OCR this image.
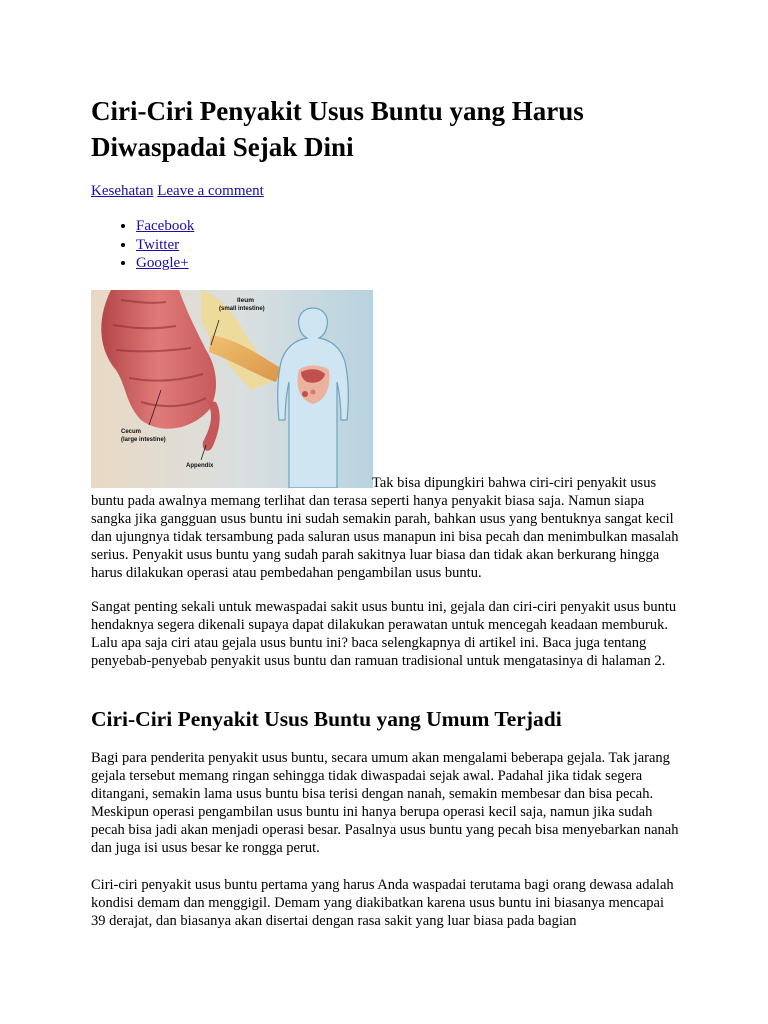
Ciri-Ciri Penyakit Usus Buntu yang Harus Diwaspadai Sejak Dini
Kesehatan Leave a comment
• Facebook
• Twitter
• Google+
Ileum
(small intestine)
Cecum
(large intestine)
Appendix

Tak bisa dipungkiri bahwa ciri-ciri penyakit usus buntu pada awalnya memang terlihat dan terasa seperti hanya penyakit biasa saja. Namun siapa sangka jika gangguan usus buntu ini sudah semakin parah, bahkan usus yang bentuknya sangat kecil dan ujungnya tidak tersambung pada saluran usus manapun ini bisa pecah dan menimbulkan masalah serius. Penyakit usus buntu yang sudah parah sakitnya luar biasa dan tidak akan berkurang hingga harus dilakukan operasi atau pembedahan pengambilan usus buntu.

Sangat penting sekali untuk mewaspadai sakit usus buntu ini, gejala dan ciri-ciri penyakit usus buntu hendaknya segera dikenali supaya dapat dilakukan perawatan untuk mencegah keadaan memburuk. Lalu apa saja ciri atau gejala usus buntu ini? baca selengkapnya di artikel ini. Baca juga tentang penyebab-penyebab penyakit usus buntu dan ramuan tradisional untuk mengatasinya di halaman 2.

Ciri-Ciri Penyakit Usus Buntu yang Umum Terjadi

Bagi para penderita penyakit usus buntu, secara umum akan mengalami beberapa gejala. Tak jarang gejala tersebut memang ringan sehingga tidak diwaspadai sejak awal. Padahal jika tidak segera ditangani, semakin lama usus buntu bisa terisi dengan nanah, semakin membesar dan bisa pecah. Meskipun operasi pengambilan usus buntu ini hanya berupa operasi kecil saja, namun jika sudah pecah bisa jadi akan menjadi operasi besar. Pasalnya usus buntu yang pecah bisa menyebarkan nanah dan juga isi usus besar ke rongga perut.

Ciri-ciri penyakit usus buntu pertama yang harus Anda waspadai terutama bagi orang dewasa adalah kondisi demam dan menggigil. Demam yang diakibatkan karena usus buntu ini biasanya mencapai 39 derajat, dan biasanya akan disertai dengan rasa sakit yang luar biasa pada bagian
